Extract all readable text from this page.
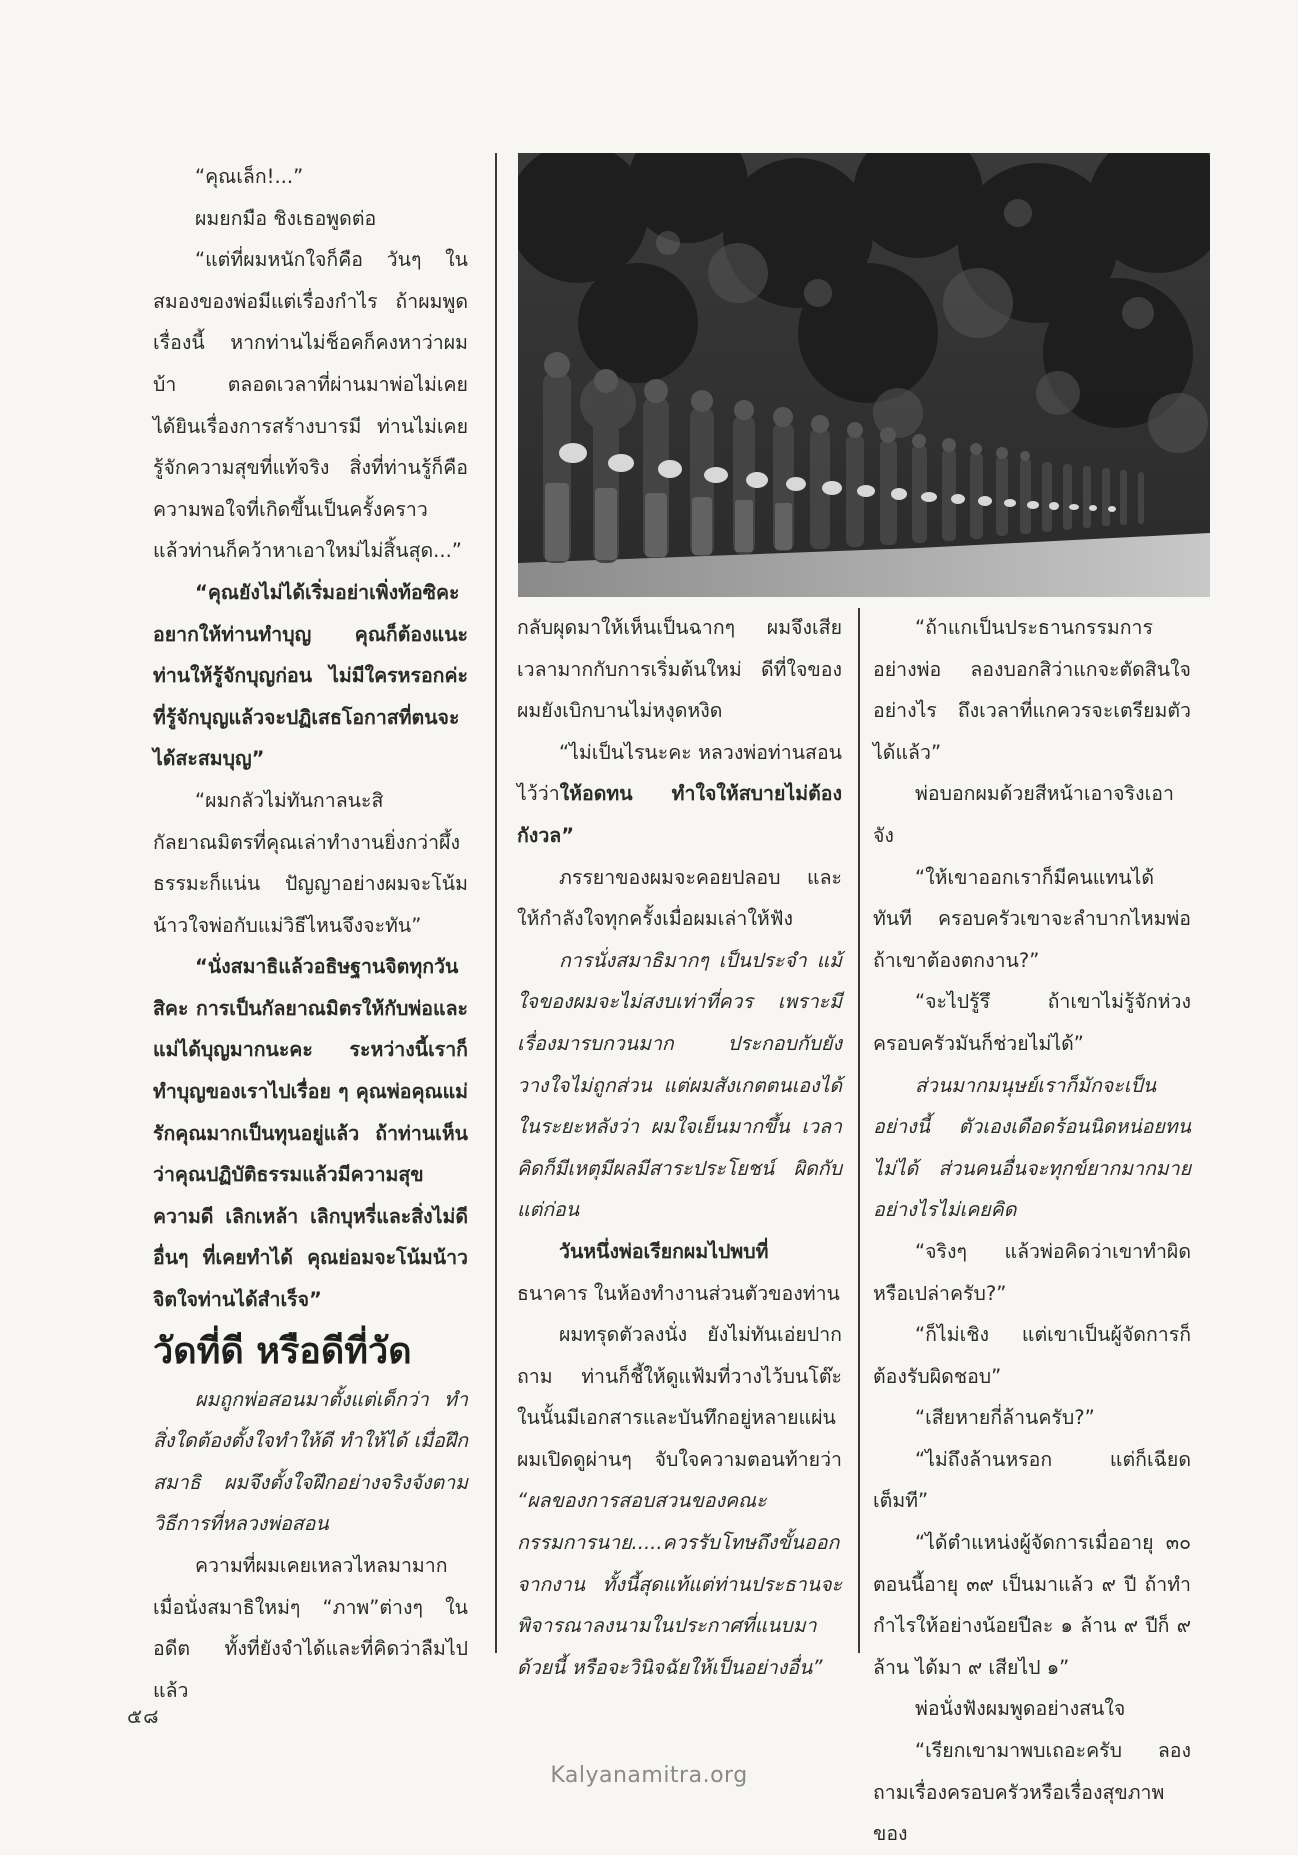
“คุณเล็ก!...”

ผมยกมือ ชิงเธอพูดต่อ

“แต่ที่ผมหนักใจก็คือ วันๆ ในสมองของพ่อมีแต่เรื่องกำไร ถ้าผมพูดเรื่องนี้ หากท่านไม่ช็อคก็คงหาว่าผมบ้า ตลอดเวลาที่ผ่านมาพ่อไม่เคยได้ยินเรื่องการสร้างบารมี ท่านไม่เคยรู้จักความสุขที่แท้จริง สิ่งที่ท่านรู้ก็คือความพอใจที่เกิดขึ้นเป็นครั้งคราว แล้วท่านก็คว้าหาเอาใหม่ไม่สิ้นสุด...”

“คุณยังไม่ได้เริ่มอย่าเพิ่งท้อซิคะ อยากให้ท่านทำบุญ คุณก็ต้องแนะท่านให้รู้จักบุญก่อน ไม่มีใครหรอกค่ะที่รู้จักบุญแล้วจะปฏิเสธโอกาสที่ตนจะได้สะสมบุญ”

“ผมกลัวไม่ทันกาลนะสิ กัลยาณมิตรที่คุณเล่าทำงานยิ่งกว่าผึ้ง ธรรมะก็แน่น ปัญญาอย่างผมจะโน้มน้าวใจพ่อกับแม่วิธีไหนจึงจะทัน”

“นั่งสมาธิแล้วอธิษฐานจิตทุกวันสิคะ การเป็นกัลยาณมิตรให้กับพ่อและแม่ได้บุญมากนะคะ ระหว่างนี้เราก็ทำบุญของเราไปเรื่อย ๆ คุณพ่อคุณแม่รักคุณมากเป็นทุนอยู่แล้ว ถ้าท่านเห็นว่าคุณปฏิบัติธรรมแล้วมีความสุข ความดี เลิกเหล้า เลิกบุหรี่และสิ่งไม่ดีอื่นๆ ที่เคยทำได้ คุณย่อมจะโน้มน้าวจิตใจท่านได้สำเร็จ”

วัดที่ดี หรือดีที่วัด

ผมถูกพ่อสอนมาตั้งแต่เด็กว่า ทำสิ่งใดต้องตั้งใจทำให้ดี ทำให้ได้ เมื่อฝึกสมาธิ ผมจึงตั้งใจฝึกอย่างจริงจังตามวิธีการที่หลวงพ่อสอน

ความที่ผมเคยเหลวไหลมามาก เมื่อนั่งสมาธิใหม่ๆ “ภาพ”ต่างๆ ในอดีต ทั้งที่ยังจำได้และที่คิดว่าลืมไปแล้ว

กลับผุดมาให้เห็นเป็นฉากๆ ผมจึงเสียเวลามากกับการเริ่มต้นใหม่ ดีที่ใจของผมยังเบิกบานไม่หงุดหงิด

“ไม่เป็นไรนะคะ หลวงพ่อท่านสอนไว้ว่าให้อดทน ทำใจให้สบายไม่ต้องกังวล”

ภรรยาของผมจะคอยปลอบ และให้กำลังใจทุกครั้งเมื่อผมเล่าให้ฟัง

การนั่งสมาธิมากๆ เป็นประจำ แม้ใจของผมจะไม่สงบเท่าที่ควร เพราะมีเรื่องมารบกวนมาก ประกอบกับยังวางใจไม่ถูกส่วน แต่ผมสังเกตตนเองได้ในระยะหลังว่า ผมใจเย็นมากขึ้น เวลาคิดก็มีเหตุมีผลมีสาระประโยชน์ ผิดกับแต่ก่อน

วันหนึ่งพ่อเรียกผมไปพบที่ ธนาคาร ในห้องทำงานส่วนตัวของท่าน

ผมทรุดตัวลงนั่ง ยังไม่ทันเอ่ยปากถาม ท่านก็ชี้ให้ดูแฟ้มที่วางไว้บนโต๊ะ ในนั้นมีเอกสารและบันทึกอยู่หลายแผ่น ผมเปิดดูผ่านๆ จับใจความตอนท้ายว่า “ผลของการสอบสวนของคณะกรรมการนาย.....ควรรับโทษถึงขั้นออกจากงาน ทั้งนี้สุดแท้แต่ท่านประธานจะพิจารณาลงนามในประกาศที่แนบมาด้วยนี้ หรือจะวินิจฉัยให้เป็นอย่างอื่น”

“ถ้าแกเป็นประธานกรรมการอย่างพ่อ ลองบอกสิว่าแกจะตัดสินใจอย่างไร ถึงเวลาที่แกควรจะเตรียมตัวได้แล้ว”

พ่อบอกผมด้วยสีหน้าเอาจริงเอาจัง

“ให้เขาออกเราก็มีคนแทนได้ทันที ครอบครัวเขาจะลำบากไหมพ่อถ้าเขาต้องตกงาน?”

“จะไปรู้รึ ถ้าเขาไม่รู้จักห่วงครอบครัวมันก็ช่วยไม่ได้”

ส่วนมากมนุษย์เราก็มักจะเป็นอย่างนี้ ตัวเองเดือดร้อนนิดหน่อยทนไม่ได้ ส่วนคนอื่นจะทุกข์ยากมากมายอย่างไรไม่เคยคิด

“จริงๆ แล้วพ่อคิดว่าเขาทำผิดหรือเปล่าครับ?”

“ก็ไม่เชิง แต่เขาเป็นผู้จัดการก็ต้องรับผิดชอบ”

“เสียหายกี่ล้านครับ?”

“ไม่ถึงล้านหรอก แต่ก็เฉียดเต็มที”

“ได้ตำแหน่งผู้จัดการเมื่ออายุ ๓๐ ตอนนี้อายุ ๓๙ เป็นมาแล้ว ๙ ปี ถ้าทำกำไรให้อย่างน้อยปีละ ๑ ล้าน ๙ ปีก็ ๙ ล้าน ได้มา ๙ เสียไป ๑”

พ่อนั่งฟังผมพูดอย่างสนใจ

“เรียกเขามาพบเถอะครับ ลองถามเรื่องครอบครัวหรือเรื่องสุขภาพของ

๕๘
Kalyanamitra.org
